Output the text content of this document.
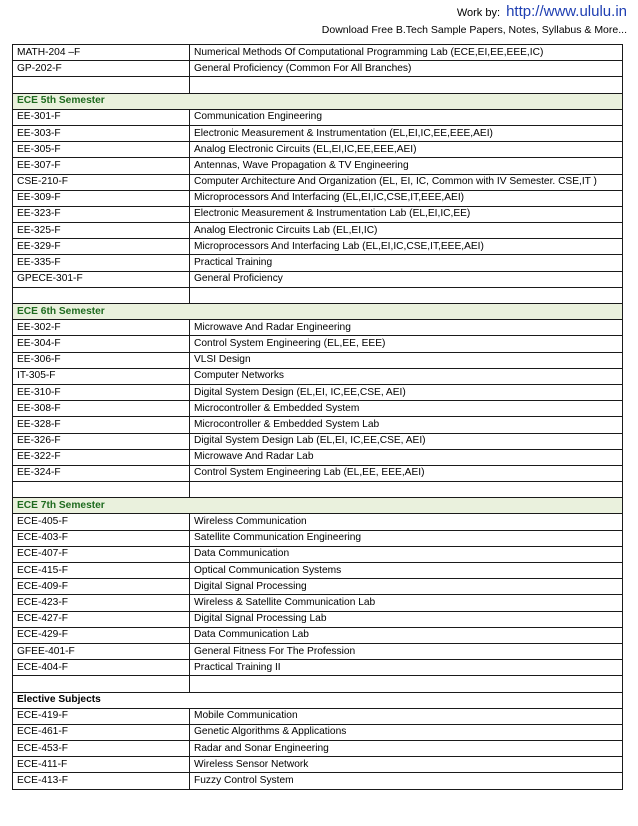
Work by: http://www.ululu.in
Download Free B.Tech Sample Papers, Notes, Syllabus & More...
MATH-204 –F	Numerical Methods Of Computational Programming Lab (ECE,EI,EE,EEE,IC)
GP-202-F	General Proficiency (Common For All Branches)

ECE 5th Semester	
EE-301-F	Communication Engineering
EE-303-F	Electronic Measurement & Instrumentation (EL,EI,IC,EE,EEE,AEI)
EE-305-F	Analog Electronic Circuits (EL,EI,IC,EE,EEE,AEI)
EE-307-F	Antennas, Wave Propagation & TV Engineering
CSE-210-F	Computer Architecture And Organization (EL, EI, IC, Common with IV Semester. CSE,IT )
EE-309-F	Microprocessors And Interfacing (EL,EI,IC,CSE,IT,EEE,AEI)
EE-323-F	Electronic Measurement & Instrumentation Lab (EL,EI,IC,EE)
EE-325-F	Analog Electronic Circuits Lab (EL,EI,IC)
EE-329-F	Microprocessors And Interfacing Lab (EL,EI,IC,CSE,IT,EEE,AEI)
EE-335-F	Practical Training
GPECE-301-F	General Proficiency

ECE 6th Semester	
EE-302-F	Microwave And Radar Engineering
EE-304-F	Control System Engineering (EL,EE, EEE)
EE-306-F	VLSI Design
IT-305-F	Computer Networks
EE-310-F	Digital System Design (EL,EI, IC,EE,CSE, AEI)
EE-308-F	Microcontroller & Embedded System
EE-328-F	Microcontroller & Embedded System Lab
EE-326-F	Digital System Design Lab (EL,EI, IC,EE,CSE, AEI)
EE-322-F	Microwave And Radar Lab
EE-324-F	Control System Engineering Lab (EL,EE, EEE,AEI)

ECE 7th Semester	
ECE-405-F	Wireless Communication
ECE-403-F	Satellite Communication Engineering
ECE-407-F	Data Communication
ECE-415-F	Optical Communication Systems
ECE-409-F	Digital Signal Processing
ECE-423-F	Wireless & Satellite Communication Lab
ECE-427-F	Digital Signal Processing Lab
ECE-429-F	Data Communication Lab
GFEE-401-F	General Fitness For The Profession
ECE-404-F	Practical Training II

Elective Subjects	
ECE-419-F	Mobile Communication
ECE-461-F	Genetic Algorithms & Applications
ECE-453-F	Radar and Sonar Engineering
ECE-411-F	Wireless Sensor Network
ECE-413-F	Fuzzy Control System
